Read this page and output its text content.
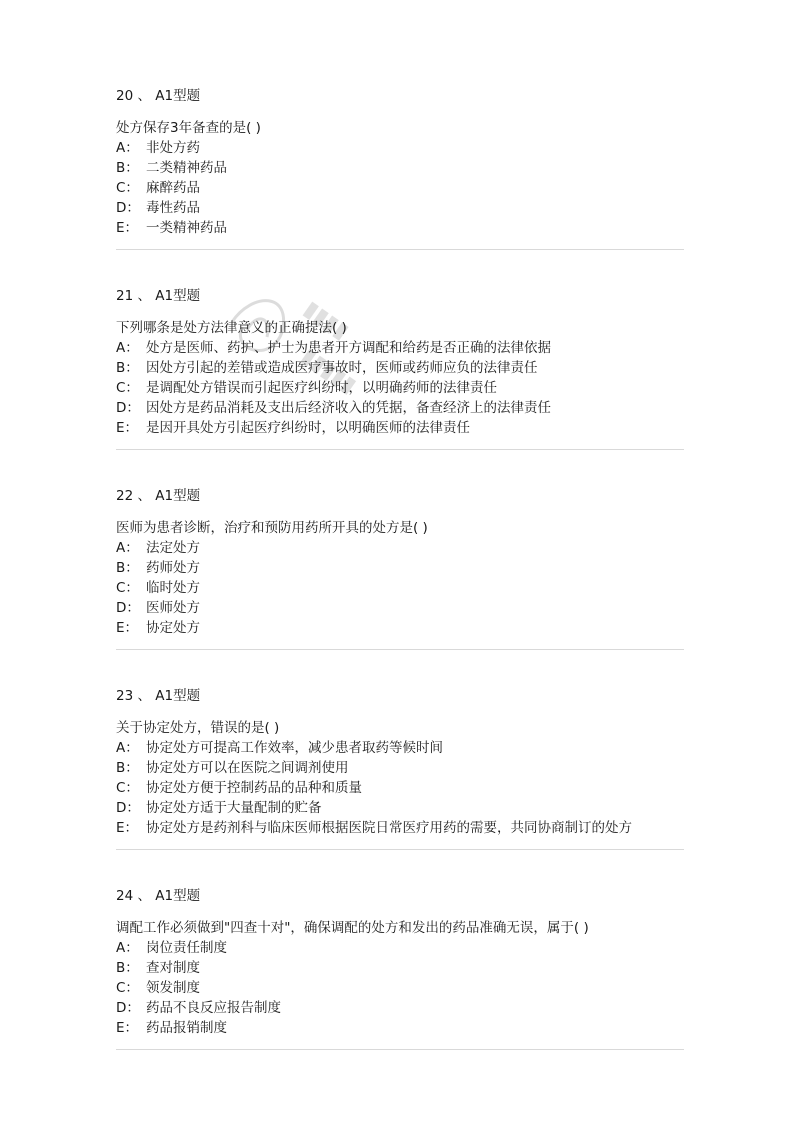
▮▮▮▮
▮▮▮▮▮
20 、 A1型题
处方保存3年备查的是( )
A： 非处方药
B： 二类精神药品
C： 麻醉药品
D： 毒性药品
E： 一类精神药品
21 、 A1型题
下列哪条是处方法律意义的正确提法( )
A： 处方是医师、药护、护士为患者开方调配和给药是否正确的法律依据
B： 因处方引起的差错或造成医疗事故时，医师或药师应负的法律责任
C： 是调配处方错误而引起医疗纠纷时，以明确药师的法律责任
D： 因处方是药品消耗及支出后经济收入的凭据，备查经济上的法律责任
E： 是因开具处方引起医疗纠纷时，以明确医师的法律责任
22 、 A1型题
医师为患者诊断，治疗和预防用药所开具的处方是( )
A： 法定处方
B： 药师处方
C： 临时处方
D： 医师处方
E： 协定处方
23 、 A1型题
关于协定处方，错误的是( )
A： 协定处方可提高工作效率，减少患者取药等候时间
B： 协定处方可以在医院之间调剂使用
C： 协定处方便于控制药品的品种和质量
D： 协定处方适于大量配制的贮备
E： 协定处方是药剂科与临床医师根据医院日常医疗用药的需要，共同协商制订的处方
24 、 A1型题
调配工作必须做到"四查十对"，确保调配的处方和发出的药品准确无误，属于( )
A： 岗位责任制度
B： 查对制度
C： 领发制度
D： 药品不良反应报告制度
E： 药品报销制度
